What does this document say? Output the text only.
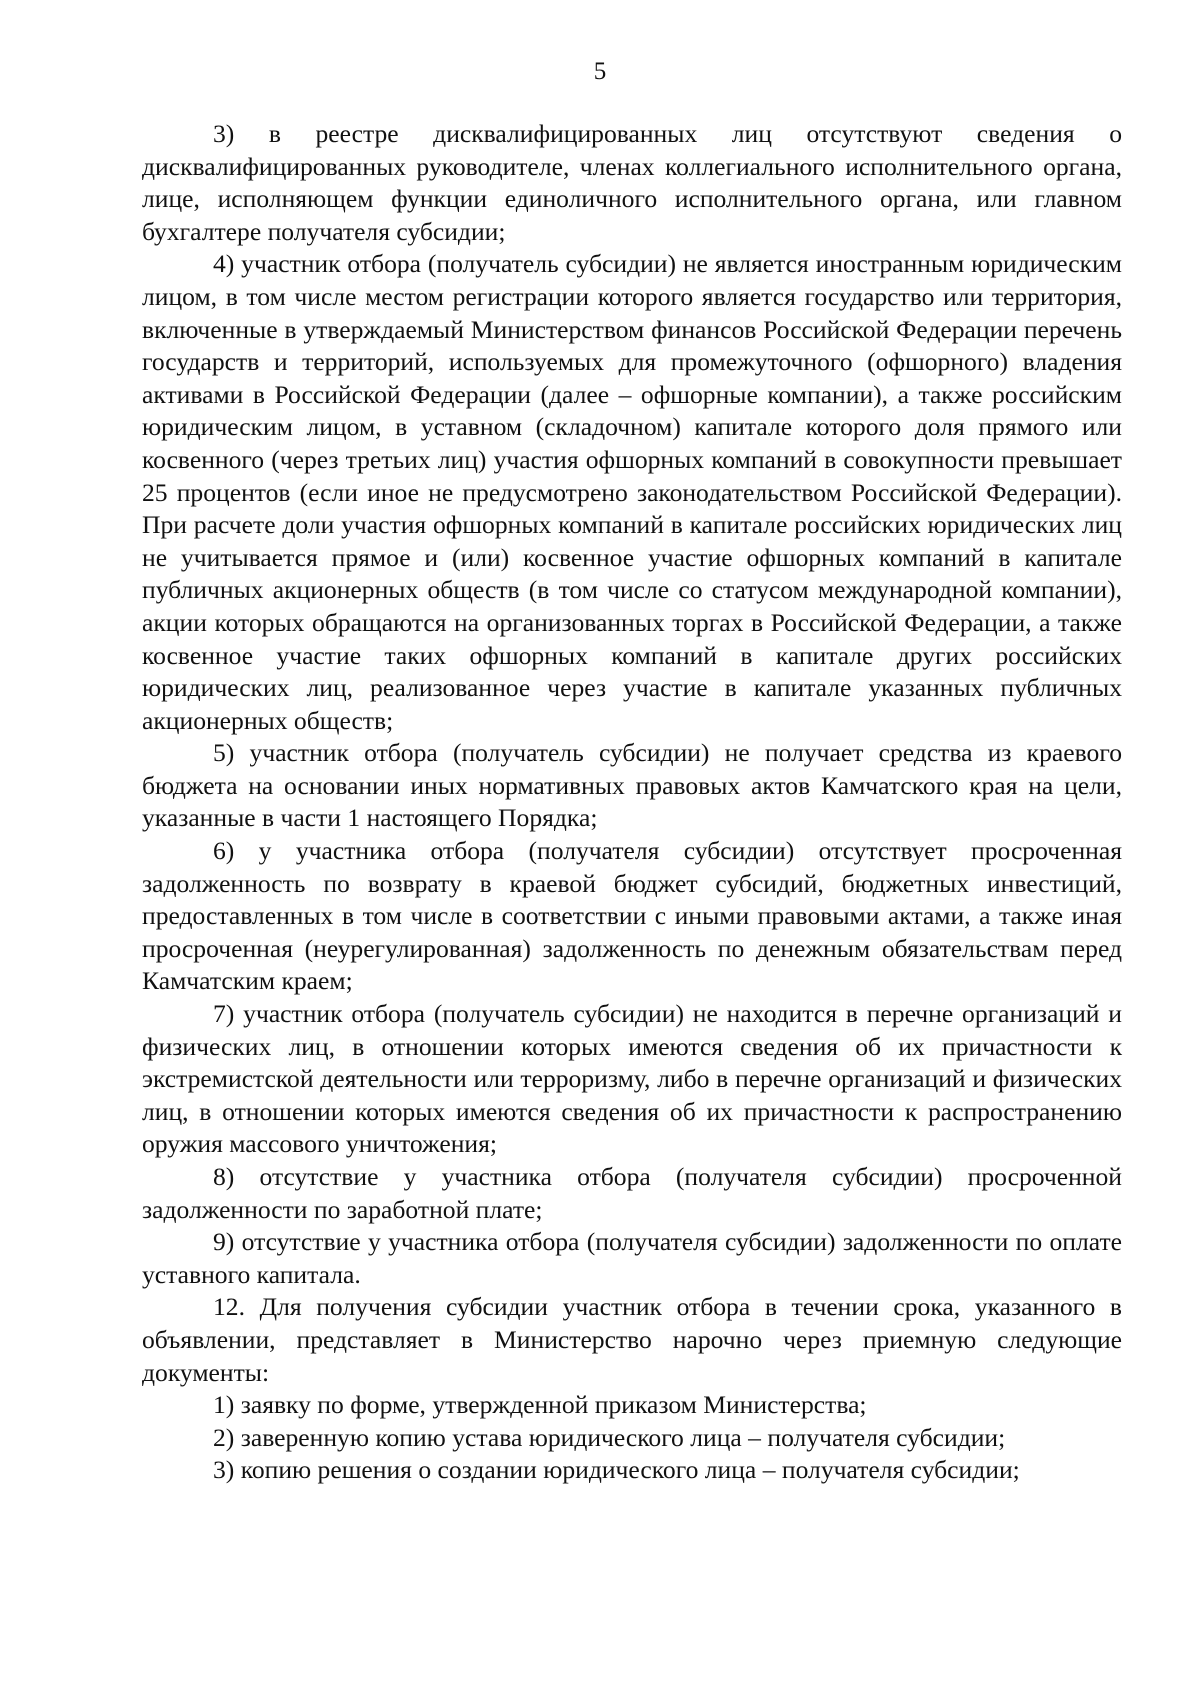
5

3) в реестре дисквалифицированных лиц отсутствуют сведения о дисквалифицированных руководителе, членах коллегиального исполнительного органа, лице, исполняющем функции единоличного исполнительного органа, или главном бухгалтере получателя субсидии;

4) участник отбора (получатель субсидии) не является иностранным юридическим лицом, в том числе местом регистрации которого является государство или территория, включенные в утверждаемый Министерством финансов Российской Федерации перечень государств и территорий, используемых для промежуточного (офшорного) владения активами в Российской Федерации (далее – офшорные компании), а также российским юридическим лицом, в уставном (складочном) капитале которого доля прямого или косвенного (через третьих лиц) участия офшорных компаний в совокупности превышает 25 процентов (если иное не предусмотрено законодательством Российской Федерации). При расчете доли участия офшорных компаний в капитале российских юридических лиц не учитывается прямое и (или) косвенное участие офшорных компаний в капитале публичных акционерных обществ (в том числе со статусом международной компании), акции которых обращаются на организованных торгах в Российской Федерации, а также косвенное участие таких офшорных компаний в капитале других российских юридических лиц, реализованное через участие в капитале указанных публичных акционерных обществ;

5) участник отбора (получатель субсидии) не получает средства из краевого бюджета на основании иных нормативных правовых актов Камчатского края на цели, указанные в части 1 настоящего Порядка;

6) у участника отбора (получателя субсидии) отсутствует просроченная задолженность по возврату в краевой бюджет субсидий, бюджетных инвестиций, предоставленных в том числе в соответствии с иными правовыми актами, а также иная просроченная (неурегулированная) задолженность по денежным обязательствам перед Камчатским краем;

7) участник отбора (получатель субсидии) не находится в перечне организаций и физических лиц, в отношении которых имеются сведения об их причастности к экстремистской деятельности или терроризму, либо в перечне организаций и физических лиц, в отношении которых имеются сведения об их причастности к распространению оружия массового уничтожения;

8) отсутствие у участника отбора (получателя субсидии) просроченной задолженности по заработной плате;

9) отсутствие у участника отбора (получателя субсидии) задолженности по оплате уставного капитала.

12. Для получения субсидии участник отбора в течении срока, указанного в объявлении, представляет в Министерство нарочно через приемную следующие документы:

1) заявку по форме, утвержденной приказом Министерства;

2) заверенную копию устава юридического лица – получателя субсидии;

3) копию решения о создании юридического лица – получателя субсидии;
